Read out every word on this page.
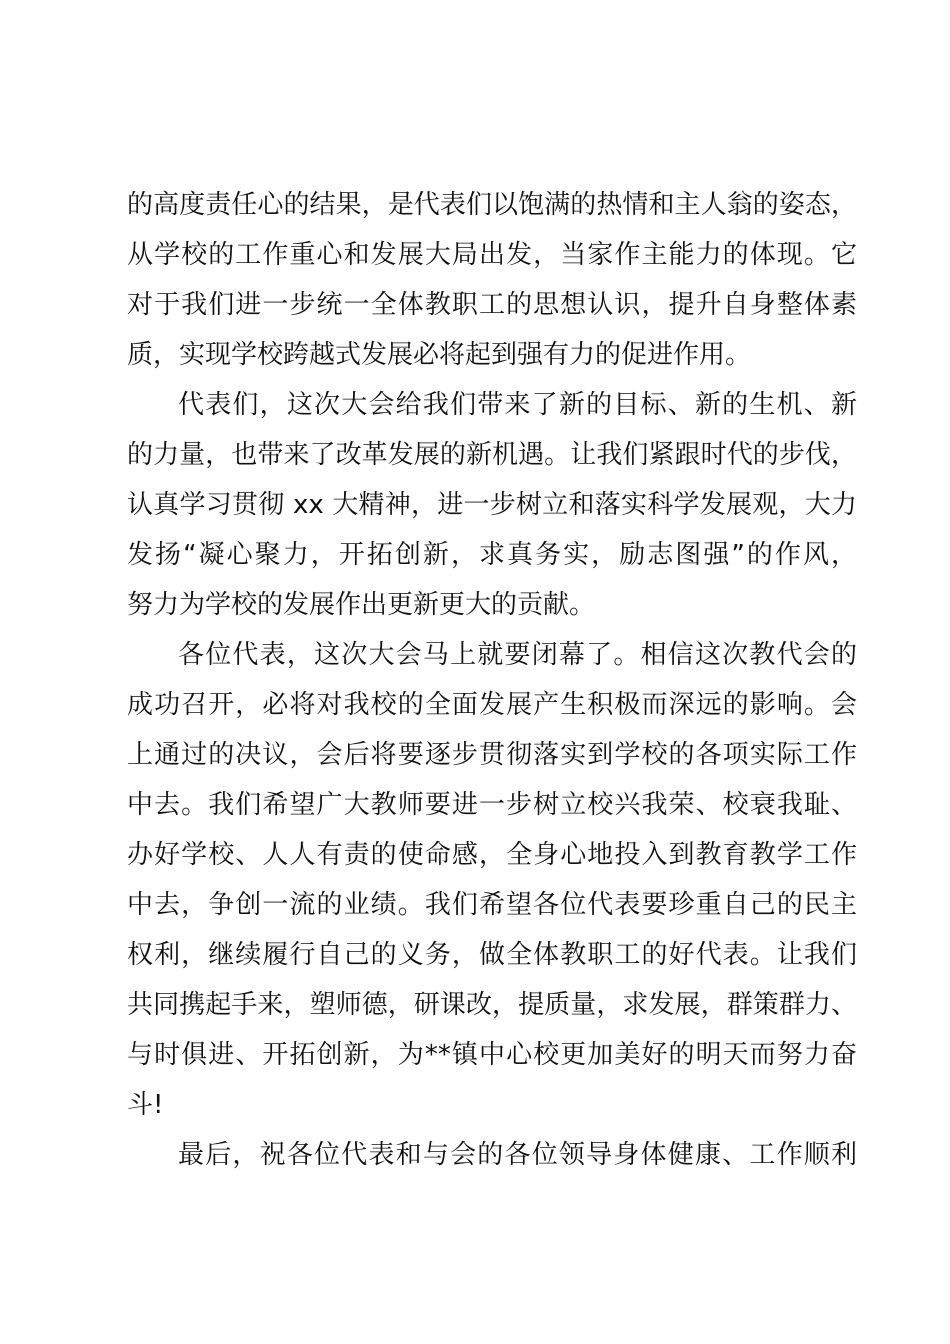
的高度责任心的结果，是代表们以饱满的热情和主人翁的姿态，
从学校的工作重心和发展大局出发，当家作主能力的体现。它
对于我们进一步统一全体教职工的思想认识，提升自身整体素
质，实现学校跨越式发展必将起到强有力的促进作用。
代表们，这次大会给我们带来了新的目标、新的生机、新
的力量，也带来了改革发展的新机遇。让我们紧跟时代的步伐，
认真学习贯彻 xx 大精神，进一步树立和落实科学发展观，大力
发扬“凝心聚力，开拓创新，求真务实，励志图强”的作风，
努力为学校的发展作出更新更大的贡献。
各位代表，这次大会马上就要闭幕了。相信这次教代会的
成功召开，必将对我校的全面发展产生积极而深远的影响。会
上通过的决议，会后将要逐步贯彻落实到学校的各项实际工作
中去。我们希望广大教师要进一步树立校兴我荣、校衰我耻、
办好学校、人人有责的使命感，全身心地投入到教育教学工作
中去，争创一流的业绩。我们希望各位代表要珍重自己的民主
权利，继续履行自己的义务，做全体教职工的好代表。让我们
共同携起手来，塑师德，研课改，提质量，求发展，群策群力、
与时俱进、开拓创新，为**镇中心校更加美好的明天而努力奋
斗!
最后，祝各位代表和与会的各位领导身体健康、工作顺利
